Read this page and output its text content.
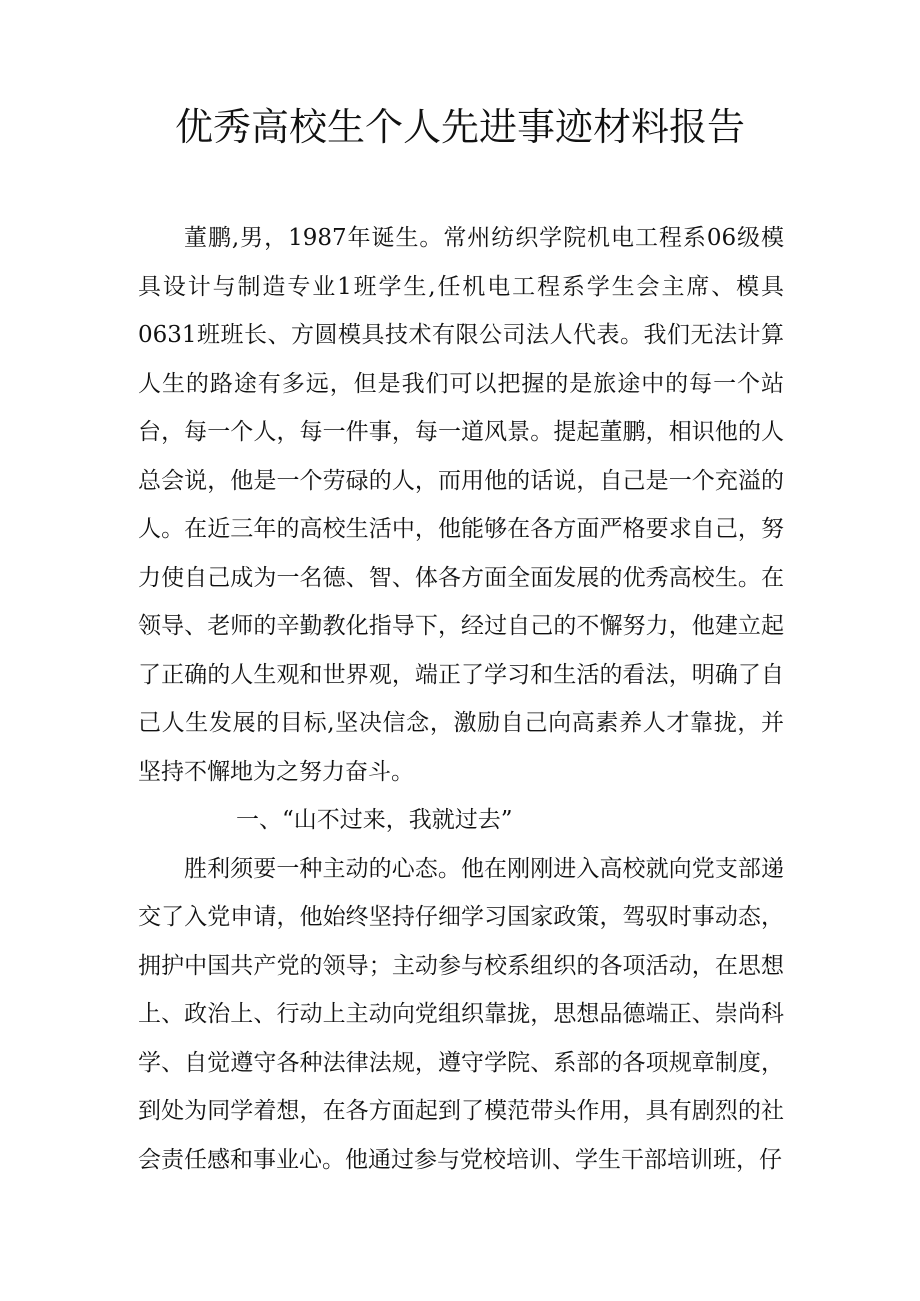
优秀高校生个人先进事迹材料报告

董鹏,男，1987年诞生。常州纺织学院机电工程系06级模具设计与制造专业1班学生,任机电工程系学生会主席、模具0631班班长、方圆模具技术有限公司法人代表。我们无法计算人生的路途有多远，但是我们可以把握的是旅途中的每一个站台，每一个人，每一件事，每一道风景。提起董鹏，相识他的人总会说，他是一个劳碌的人，而用他的话说，自己是一个充溢的人。在近三年的高校生活中，他能够在各方面严格要求自己，努力使自己成为一名德、智、体各方面全面发展的优秀高校生。在领导、老师的辛勤教化指导下，经过自己的不懈努力，他建立起了正确的人生观和世界观，端正了学习和生活的看法，明确了自己人生发展的目标,坚决信念，激励自己向高素养人才靠拢，并坚持不懈地为之努力奋斗。

一、“山不过来，我就过去”

胜利须要一种主动的心态。他在刚刚进入高校就向党支部递交了入党申请，他始终坚持仔细学习国家政策，驾驭时事动态，拥护中国共产党的领导；主动参与校系组织的各项活动，在思想上、政治上、行动上主动向党组织靠拢，思想品德端正、崇尚科学、自觉遵守各种法律法规，遵守学院、系部的各项规章制度，到处为同学着想，在各方面起到了模范带头作用，具有剧烈的社会责任感和事业心。他通过参与党校培训、学生干部培训班，仔
